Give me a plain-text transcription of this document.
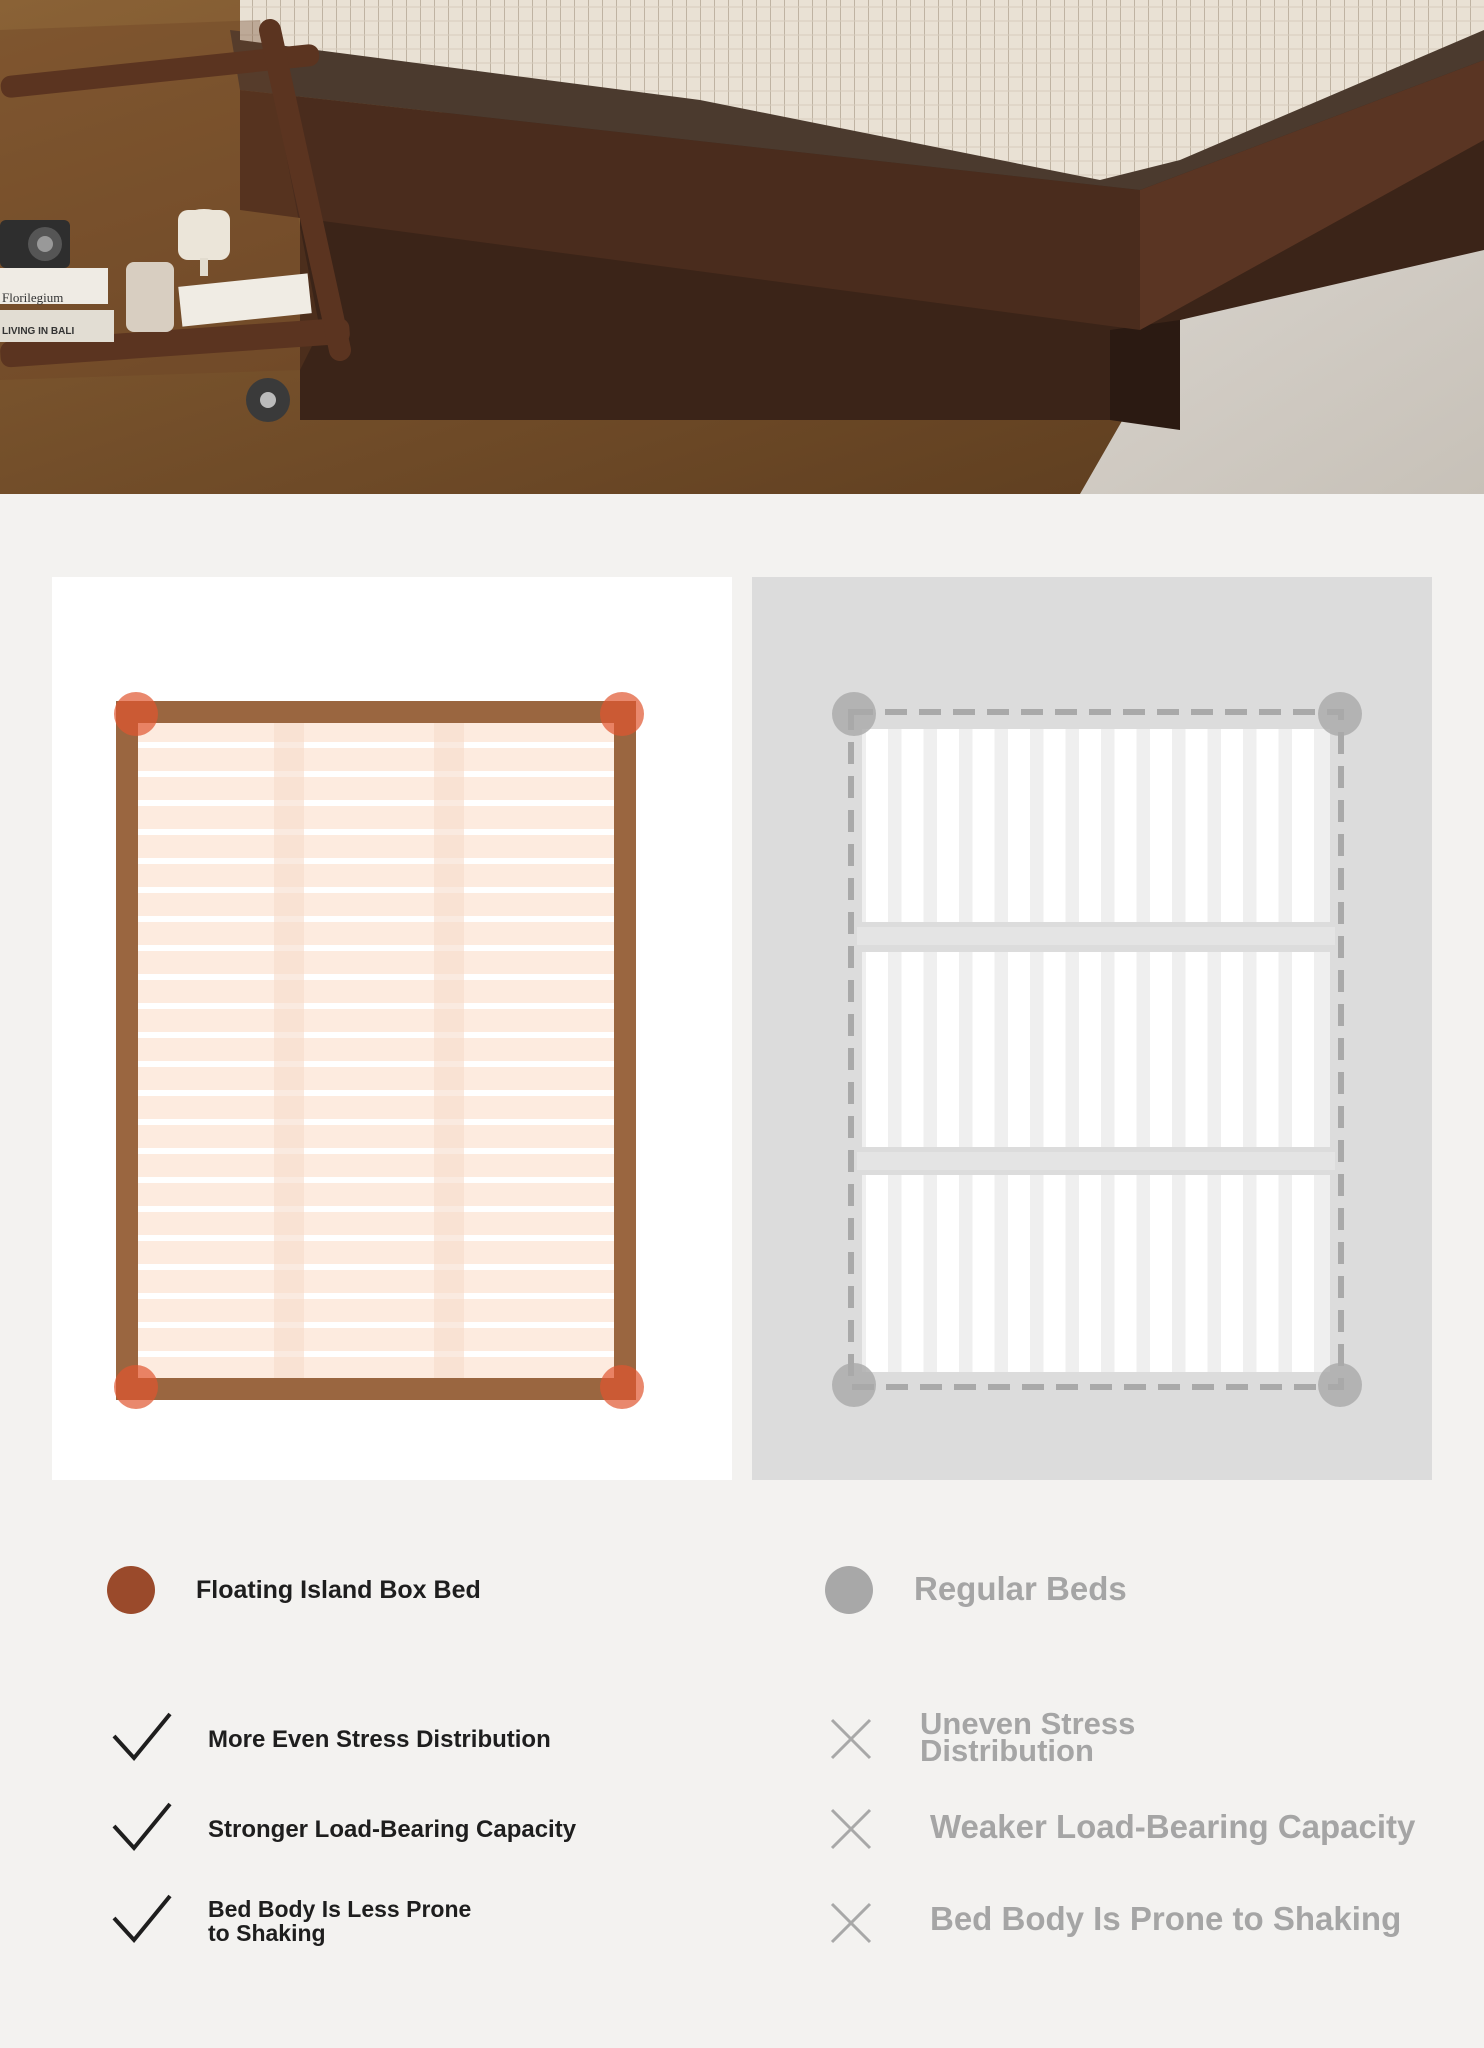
Florilegium
LIVING IN BALI
Floating Island Box Bed	Regular Beds
More Even Stress Distribution
Stronger Load-Bearing Capacity
Bed Body Is Less Prone to Shaking
Uneven Stress Distribution
Weaker Load-Bearing Capacity
Bed Body Is Prone to Shaking
